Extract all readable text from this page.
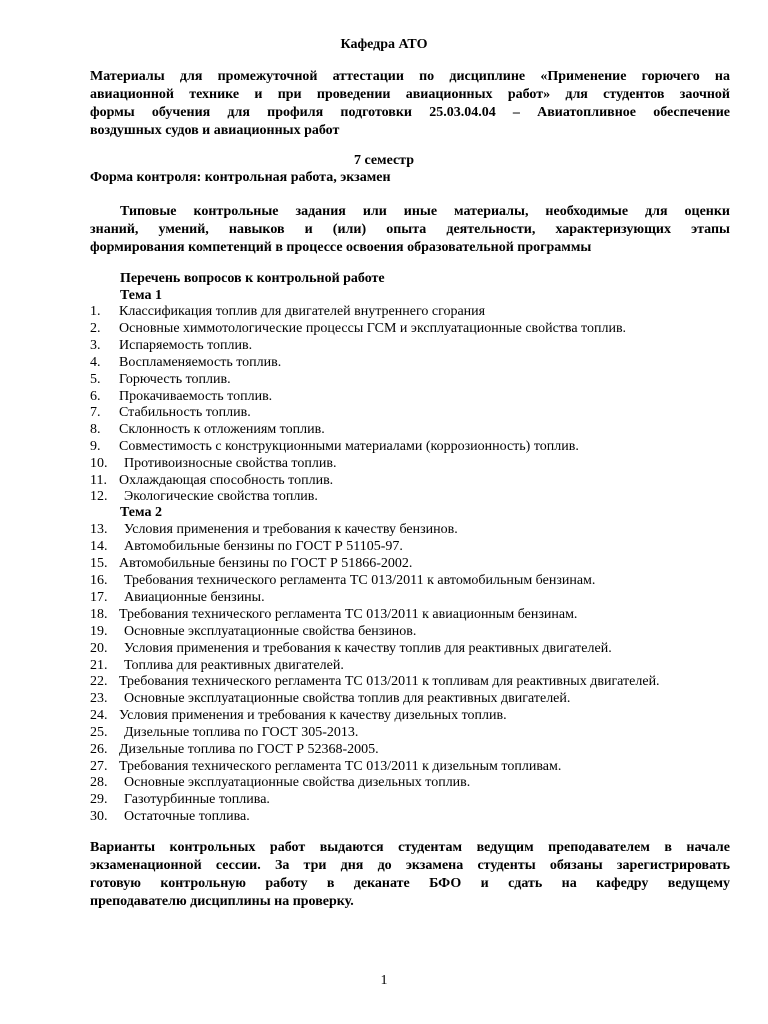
Кафедра АТО
Материалы для промежуточной аттестации по дисциплине «Применение горючего на
авиационной технике и при проведении авиационных работ» для студентов заочной
формы обучения для профиля подготовки 25.03.04.04 – Авиатопливное обеспечение
воздушных судов и авиационных работ
7 семестр
Форма контроля: контрольная работа, экзамен
Типовые контрольные задания или иные материалы, необходимые для оценки
знаний, умений, навыков и (или) опыта деятельности, характеризующих этапы
формирования компетенций в процессе освоения образовательной программы
Перечень вопросов к контрольной работе
Тема 1
1. Классификация топлив для двигателей внутреннего сгорания
2. Основные химмотологические процессы ГСМ и эксплуатационные свойства топлив.
3. Испаряемость топлив.
4. Воспламеняемость топлив.
5. Горючесть топлив.
6. Прокачиваемость топлив.
7. Стабильность топлив.
8. Склонность к отложениям топлив.
9. Совместимость с конструкционными материалами (коррозионность) топлив.
10. Противоизносные свойства топлив.
11. Охлаждающая способность топлив.
12. Экологические свойства топлив.
Тема 2
13. Условия применения и требования к качеству бензинов.
14. Автомобильные бензины по ГОСТ Р 51105-97.
15. Автомобильные бензины по ГОСТ Р 51866-2002.
16. Требования технического регламента ТС 013/2011 к автомобильным бензинам.
17. Авиационные бензины.
18. Требования технического регламента ТС 013/2011 к авиационным бензинам.
19. Основные эксплуатационные свойства бензинов.
20. Условия применения и требования к качеству топлив для реактивных двигателей.
21. Топлива для реактивных двигателей.
22. Требования технического регламента ТС 013/2011 к топливам для реактивных двигателей.
23. Основные эксплуатационные свойства топлив для реактивных двигателей.
24. Условия применения и требования к качеству дизельных топлив.
25. Дизельные топлива по ГОСТ 305-2013.
26. Дизельные топлива по ГОСТ Р 52368-2005.
27. Требования технического регламента ТС 013/2011 к дизельным топливам.
28. Основные эксплуатационные свойства дизельных топлив.
29. Газотурбинные топлива.
30. Остаточные топлива.
Варианты контрольных работ выдаются студентам ведущим преподавателем в начале
экзаменационной сессии. За три дня до экзамена студенты обязаны зарегистрировать
готовую контрольную работу в деканате БФО и сдать на кафедру ведущему
преподавателю дисциплины на проверку.
1
